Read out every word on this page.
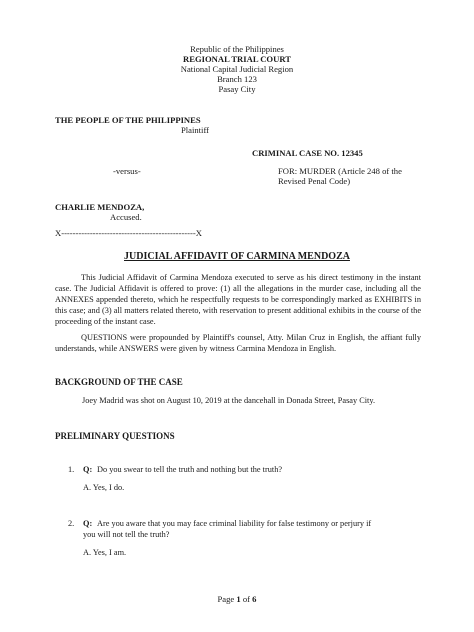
Republic of the Philippines
REGIONAL TRIAL COURT
National Capital Judicial Region
Branch 123
Pasay City
THE PEOPLE OF THE PHILIPPINES
Plaintiff
CRIMINAL CASE NO. 12345
-versus-	FOR: MURDER (Article 248 of the
Revised Penal Code)
CHARLIE MENDOZA,
Accused.
X-----------------------------------------------X
JUDICIAL AFFIDAVIT OF CARMINA MENDOZA
This Judicial Affidavit of Carmina Mendoza executed to serve as his direct testimony in the instant case. The Judicial Affidavit is offered to prove: (1) all the allegations in the murder case, including all the ANNEXES appended thereto, which he respectfully requests to be correspondingly marked as EXHIBITS in this case; and (3) all matters related thereto, with reservation to present additional exhibits in the course of the proceeding of the instant case.
QUESTIONS were propounded by Plaintiff's counsel, Atty. Milan Cruz in English, the affiant fully understands, while ANSWERS were given by witness Carmina Mendoza in English.
BACKGROUND OF THE CASE
Joey Madrid was shot on August 10, 2019 at the dancehall in Donada Street, Pasay City.
PRELIMINARY QUESTIONS
1. Q: Do you swear to tell the truth and nothing but the truth?
A. Yes, I do.
2. Q: Are you aware that you may face criminal liability for false testimony or perjury if
you will not tell the truth?
A. Yes, I am.
Page 1 of 6
